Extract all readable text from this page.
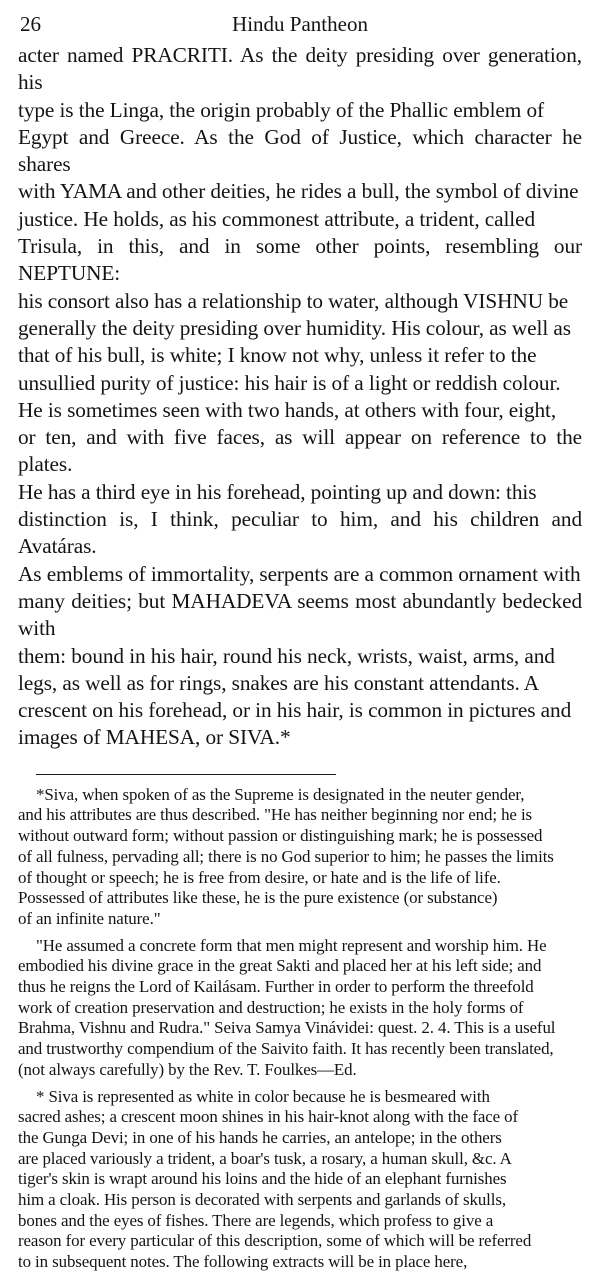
26	Hindu Pantheon

acter named PRACRITI. As the deity presiding over generation, his

type is the Linga, the origin probably of the Phallic emblem of

Egypt and Greece. As the God of Justice, which character he shares

with YAMA and other deities, he rides a bull, the symbol of divine

justice. He holds, as his commonest attribute, a trident, called

Trisula, in this, and in some other points, resembling our NEPTUNE:

his consort also has a relationship to water, although VISHNU be

generally the deity presiding over humidity. His colour, as well as

that of his bull, is white; I know not why, unless it refer to the

unsullied purity of justice: his hair is of a light or reddish colour.

He is sometimes seen with two hands, at others with four, eight,

or ten, and with five faces, as will appear on reference to the plates.

He has a third eye in his forehead, pointing up and down: this

distinction is, I think, peculiar to him, and his children and Avatáras.

As emblems of immortality, serpents are a common ornament with

many deities; but MAHADEVA seems most abundantly bedecked with

them: bound in his hair, round his neck, wrists, waist, arms, and

legs, as well as for rings, snakes are his constant attendants. A

crescent on his forehead, or in his hair, is common in pictures and

images of MAHESA, or SIVA.*

*Siva, when spoken of as the Supreme is designated in the neuter gender,

and his attributes are thus described. "He has neither beginning nor end; he is

without outward form; without passion or distinguishing mark; he is possessed

of all fulness, pervading all; there is no God superior to him; he passes the limits

of thought or speech; he is free from desire, or hate and is the life of life.

Possessed of attributes like these, he is the pure existence (or substance)

of an infinite nature."

"He assumed a concrete form that men might represent and worship him. He

embodied his divine grace in the great Sakti and placed her at his left side; and

thus he reigns the Lord of Kailásam. Further in order to perform the threefold

work of creation preservation and destruction; he exists in the holy forms of

Brahma, Vishnu and Rudra." Seiva Samya Vinávidei: quest. 2. 4. This is a useful

and trustworthy compendium of the Saivito faith. It has recently been translated,

(not always carefully) by the Rev. T. Foulkes—Ed.

* Siva is represented as white in color because he is besmeared with

sacred ashes; a crescent moon shines in his hair-knot along with the face of

the Gunga Devi; in one of his hands he carries, an antelope; in the others

are placed variously a trident, a boar's tusk, a rosary, a human skull, &c. A

tiger's skin is wrapt around his loins and the hide of an elephant furnishes

him a cloak. His person is decorated with serpents and garlands of skulls,

bones and the eyes of fishes. There are legends, which profess to give a

reason for every particular of this description, some of which will be referred

to in subsequent notes. The following extracts will be in place here,
